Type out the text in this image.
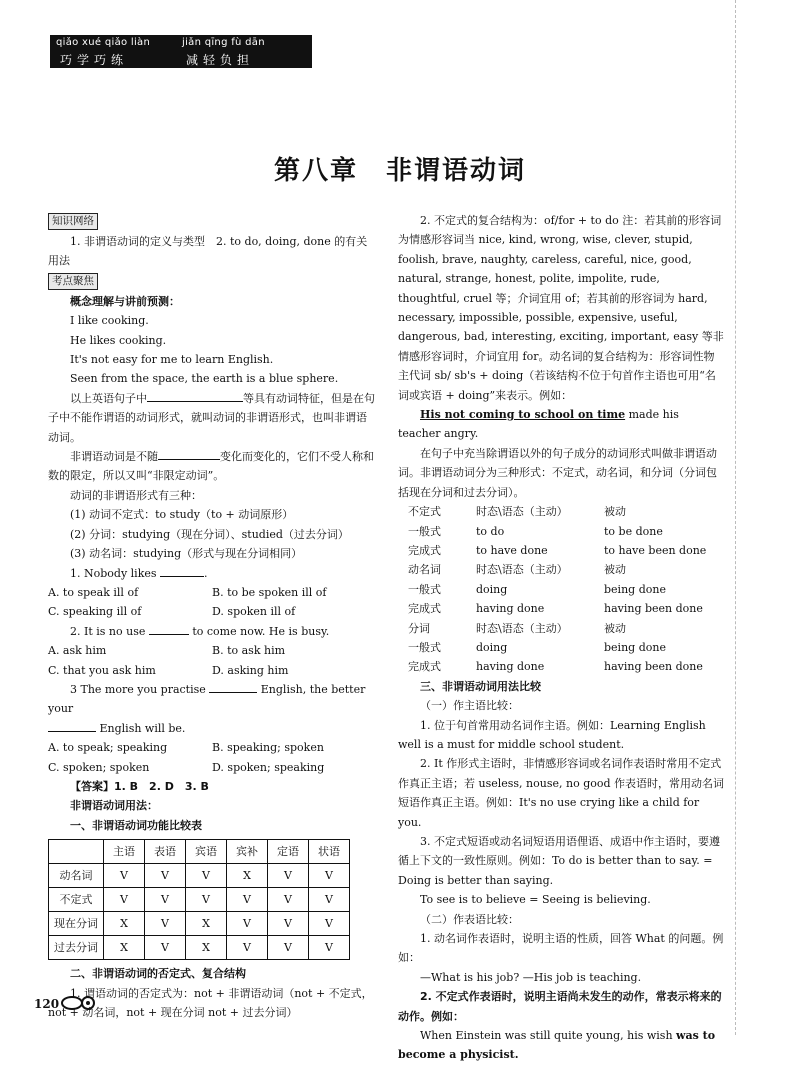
qiǎo xué qiǎo liàn	jiǎn qīng fù dān
巧学巧练	减轻负担
第八章　非谓语动词

知识网络

1. 非谓语动词的定义与类型　2. to do, doing, done 的有关用法

考点聚焦

概念理解与讲前预测：

I like cooking.

He likes cooking.

It's not easy for me to learn English.

Seen from the space, the earth is a blue sphere.

以上英语句子中	等具有动词特征，但是在句子中不能作谓语的动词形式，就叫动词的非谓语形式，也叫非谓语动词。

非谓语动词是不随	变化而变化的，它们不受人称和数的限定，所以又叫“非限定动词”。

动词的非谓语形式有三种：

(1) 动词不定式：to study（to + 动词原形）

(2) 分词：studying（现在分词）、studied（过去分词）

(3) 动名词：studying（形式与现在分词相同）

1. Nobody likes	.

A. to speak ill of	B. to be spoken ill of
C. speaking ill of	D. spoken ill of

2. It is no use	to come now. He is busy.

A. ask him	B. to ask him
C. that you ask him	D. asking him

3 The more you practise	English, the better your

English will be.

A. to speak; speaking	B. speaking; spoken
C. spoken; spoken	D. spoken; speaking

【答案】1. B　2. D　3. B

非谓语动词用法：

一、非谓语动词功能比较表

	主语	表语	宾语	宾补	定语	状语
动名词	V	V	V	X	V	V
不定式	V	V	V	V	V	V
现在分词	X	V	X	V	V	V
过去分词	X	V	X	V	V	V

二、非谓语动词的否定式、复合结构

1. 谓语动词的否定式为：not + 非谓语动词（not + 不定式，not + 动名词，not + 现在分词 not + 过去分词）

2. 不定式的复合结构为：of/for + to do 注：若其前的形容词为情感形容词当 nice, kind, wrong, wise, clever, stupid, foolish, brave, naughty, careless, careful, nice, good, natural, strange, honest, polite, impolite, rude, thoughtful, cruel 等；介词宜用 of；若其前的形容词为 hard, necessary, impossible, possible, expensive, useful, dangerous, bad, interesting, exciting, important, easy 等非情感形容词时，介词宜用 for。动名词的复合结构为：形容词性物主代词 sb/ sb's + doing（若该结构不位于句首作主语也可用“名词或宾语 + doing”来表示。例如：

His not coming to school on time made his teacher angry.

在句子中充当除谓语以外的句子成分的动词形式叫做非谓语动词。非谓语动词分为三种形式：不定式，动名词，和分词（分词包括现在分词和过去分词）。

不定式	时态\语态（主动）	被动
一般式	to do	to be done
完成式	to have done	to have been done
动名词	时态\语态（主动）	被动
一般式	doing	being done
完成式	having done	having been done
分词	时态\语态（主动）	被动
一般式	doing	being done
完成式	having done	having been done

三、非谓语动词用法比较

（一）作主语比较：

1. 位于句首常用动名词作主语。例如：Learning English well is a must for middle school student.

2. It 作形式主语时，非情感形容词或名词作表语时常用不定式作真正主语；若 useless, nouse, no good 作表语时，常用动名词短语作真正主语。例如：It's no use crying like a child for you.

3. 不定式短语或动名词短语用语俚语、成语中作主语时，要遵循上下文的一致性原则。例如：To do is better than to say. = Doing is better than saying.

To see is to believe = Seeing is believing.

（二）作表语比较：

1. 动名词作表语时，说明主语的性质，回答 What 的问题。例如：

—What is his job? —His job is teaching.

2. 不定式作表语时，说明主语尚未发生的动作，常表示将来的动作。例如：

When Einstein was still quite young, his wish was to become a physicist.

120
